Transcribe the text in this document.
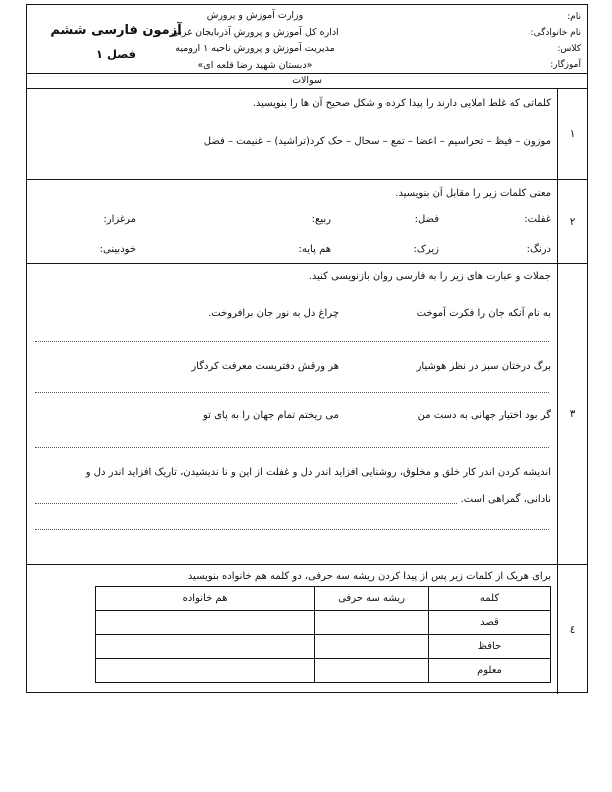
نام:
نام خانوادگی:
کلاس:
آموزگار:
وزارت آموزش و پرورش
اداره کل آموزش و پرورش آذربایجان غربی
مدیریت آموزش و پرورش ناحیه ۱ ارومیه
«دبستان شهید رضا قلعه ای»
آزمون فارسی ششم
فصل ۱
سوالات
۱
کلماتی که غلط املایی دارند را پیدا کرده و شکل صحیح آن ها را بنویسید.
موزون – فیظ – تحراسیم – اعضا – تمع – سحال – حک کرد(تراشید) – غنیمت – فضل
۲
معنی کلمات زیر را مقابل آن بنویسید.
غفلت:
فضل:
ربیع:
مرغزار:
درنگ:
زیرک:
هم پایه:
خودبینی:
۳
جملات و عبارت های زیر را به فارسی روان بازنویسی کنید.
به نام آنکه جان را فکرت آموخت
چراغ دل به نور جان برافروخت.
برگ درختان سبز در نظر هوشیار
هر ورقش دفتریست معرفت کردگار
گر بود اختیار جهانی به دست من
می ریختم تمام جهان را به پای تو
اندیشه کردن اندر کار خلق و مخلوق، روشنایی افزاید اندر دل و غفلت از این و نا ندیشیدن، تاریک افزاید اندر دل و
نادانی، گمراهی است.
٤
برای هریک از کلمات زیر پس از پیدا کردن ریشه سه حرفی، دو کلمه هم خانواده بنویسید
کلمه	ریشه سه حرفی	هم خانواده
قصد		
حافظ		
معلوم		
